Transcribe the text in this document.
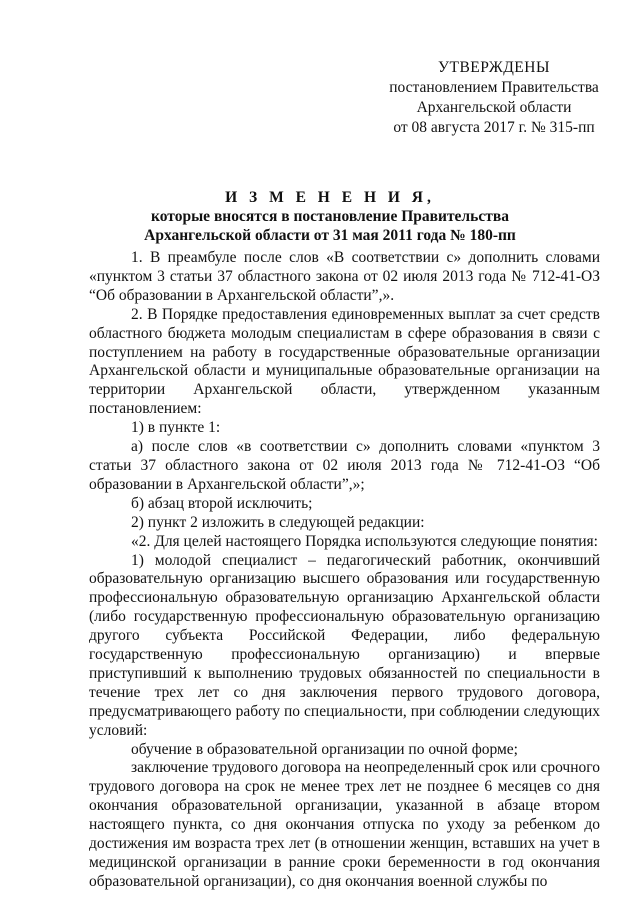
УТВЕРЖДЕНЫ
постановлением Правительства
Архангельской области
от 08 августа 2017 г. № 315-пп
И З М Е Н Е Н И Я,
которые вносятся в постановление Правительства
Архангельской области от 31 мая 2011 года № 180-пп

1. В преамбуле после слов «В соответствии с» дополнить словами «пунктом 3 статьи 37 областного закона от 02 июля 2013 года № 712-41-ОЗ “Об образовании в Архангельской области”,».

2. В Порядке предоставления единовременных выплат за счет средств областного бюджета молодым специалистам в сфере образования в связи с поступлением на работу в государственные образовательные организации Архангельской области и муниципальные образовательные организации на территории Архангельской области, утвержденном указанным постановлением:

1) в пункте 1:

а) после слов «в соответствии с» дополнить словами «пунктом 3 статьи 37 областного закона от 02 июля 2013 года № 712-41-ОЗ “Об образовании в Архангельской области”,»;

б) абзац второй исключить;

2) пункт 2 изложить в следующей редакции:

«2. Для целей настоящего Порядка используются следующие понятия:

1) молодой специалист – педагогический работник, окончивший образовательную организацию высшего образования или государственную профессиональную образовательную организацию Архангельской области (либо государственную профессиональную образовательную организацию другого субъекта Российской Федерации, либо федеральную государственную профессиональную организацию) и впервые приступивший к выполнению трудовых обязанностей по специальности в течение трех лет со дня заключения первого трудового договора, предусматривающего работу по специальности, при соблюдении следующих условий:

обучение в образовательной организации по очной форме;

заключение трудового договора на неопределенный срок или срочного трудового договора на срок не менее трех лет не позднее 6 месяцев со дня окончания образовательной организации, указанной в абзаце втором настоящего пункта, со дня окончания отпуска по уходу за ребенком до достижения им возраста трех лет (в отношении женщин, вставших на учет в медицинской организации в ранние сроки беременности в год окончания образовательной организации), со дня окончания военной службы по
